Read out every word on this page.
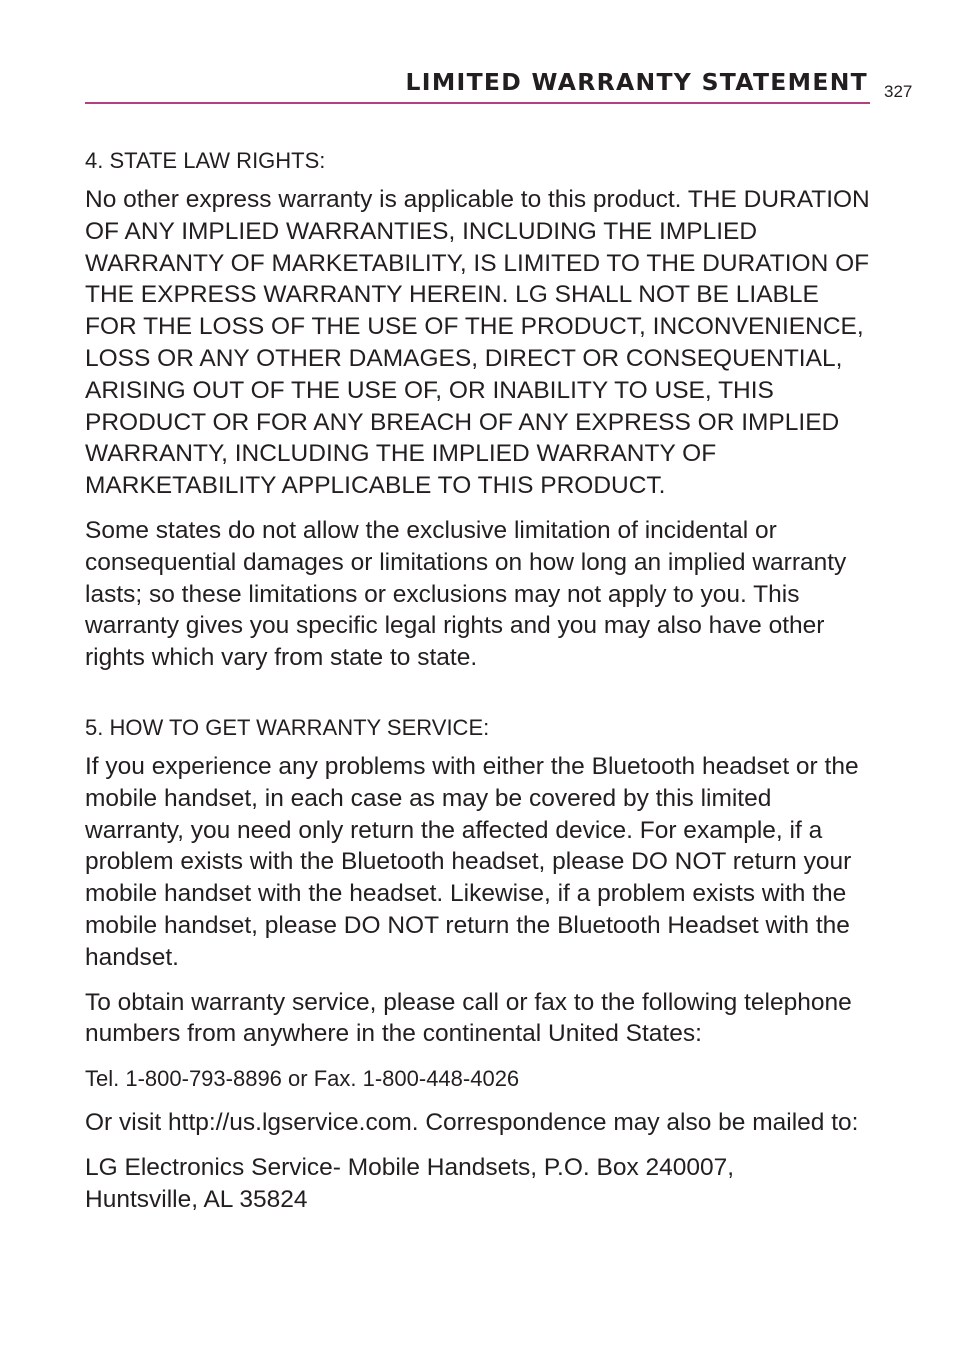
LIMITED WARRANTY STATEMENT 327

4. STATE LAW RIGHTS:

No other express warranty is applicable to this product. THE DURATION OF ANY IMPLIED WARRANTIES, INCLUDING THE IMPLIED WARRANTY OF MARKETABILITY, IS LIMITED TO THE DURATION OF THE EXPRESS WARRANTY HEREIN. LG SHALL NOT BE LIABLE FOR THE LOSS OF THE USE OF THE PRODUCT, INCONVENIENCE, LOSS OR ANY OTHER DAMAGES, DIRECT OR CONSEQUENTIAL, ARISING OUT OF THE USE OF, OR INABILITY TO USE, THIS PRODUCT OR FOR ANY BREACH OF ANY EXPRESS OR IMPLIED WARRANTY, INCLUDING THE IMPLIED WARRANTY OF MARKETABILITY APPLICABLE TO THIS PRODUCT.

Some states do not allow the exclusive limitation of incidental or consequential damages or limitations on how long an implied warranty lasts; so these limitations or exclusions may not apply to you. This warranty gives you specific legal rights and you may also have other rights which vary from state to state.

5. HOW TO GET WARRANTY SERVICE:

If you experience any problems with either the Bluetooth headset or the mobile handset, in each case as may be covered by this limited warranty, you need only return the affected device. For example, if a problem exists with the Bluetooth headset, please DO NOT return your mobile handset with the headset. Likewise, if a problem exists with the mobile handset, please DO NOT return the Bluetooth Headset with the handset.

To obtain warranty service, please call or fax to the following telephone numbers from anywhere in the continental United States:

Tel. 1-800-793-8896 or Fax. 1-800-448-4026

Or visit http://us.lgservice.com. Correspondence may also be mailed to:

LG Electronics Service- Mobile Handsets, P.O. Box 240007,
Huntsville, AL 35824
